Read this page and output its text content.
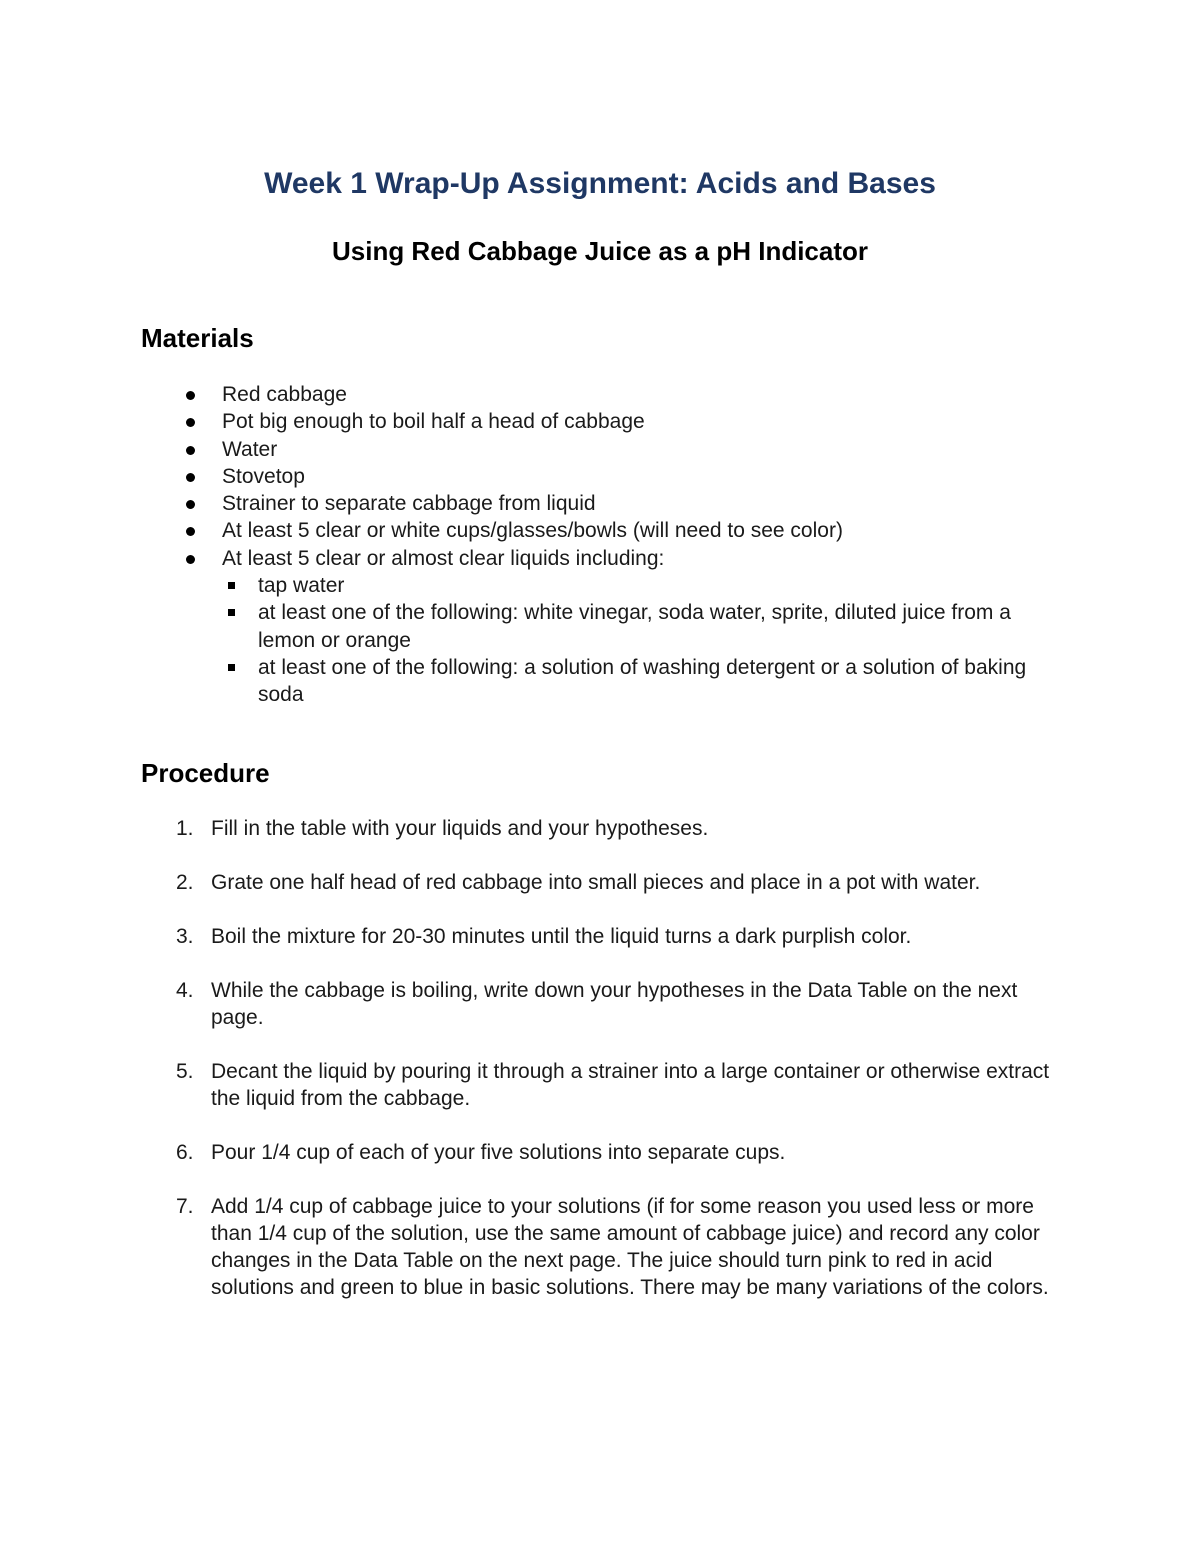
Week 1 Wrap-Up Assignment: Acids and Bases
Using Red Cabbage Juice as a pH Indicator
Materials
Red cabbage
Pot big enough to boil half a head of cabbage
Water
Stovetop
Strainer to separate cabbage from liquid
At least 5 clear or white cups/glasses/bowls (will need to see color)
At least 5 clear or almost clear liquids including:
tap water
at least one of the following: white vinegar, soda water, sprite, diluted juice from a lemon or orange
at least one of the following: a solution of washing detergent or a solution of baking soda
Procedure
1. Fill in the table with your liquids and your hypotheses.
2. Grate one half head of red cabbage into small pieces and place in a pot with water.
3. Boil the mixture for 20-30 minutes until the liquid turns a dark purplish color.
4. While the cabbage is boiling, write down your hypotheses in the Data Table on the next page.
5. Decant the liquid by pouring it through a strainer into a large container or otherwise extract the liquid from the cabbage.
6. Pour 1/4 cup of each of your five solutions into separate cups.
7. Add 1/4 cup of cabbage juice to your solutions (if for some reason you used less or more than 1/4 cup of the solution, use the same amount of cabbage juice) and record any color changes in the Data Table on the next page. The juice should turn pink to red in acid solutions and green to blue in basic solutions. There may be many variations of the colors.
